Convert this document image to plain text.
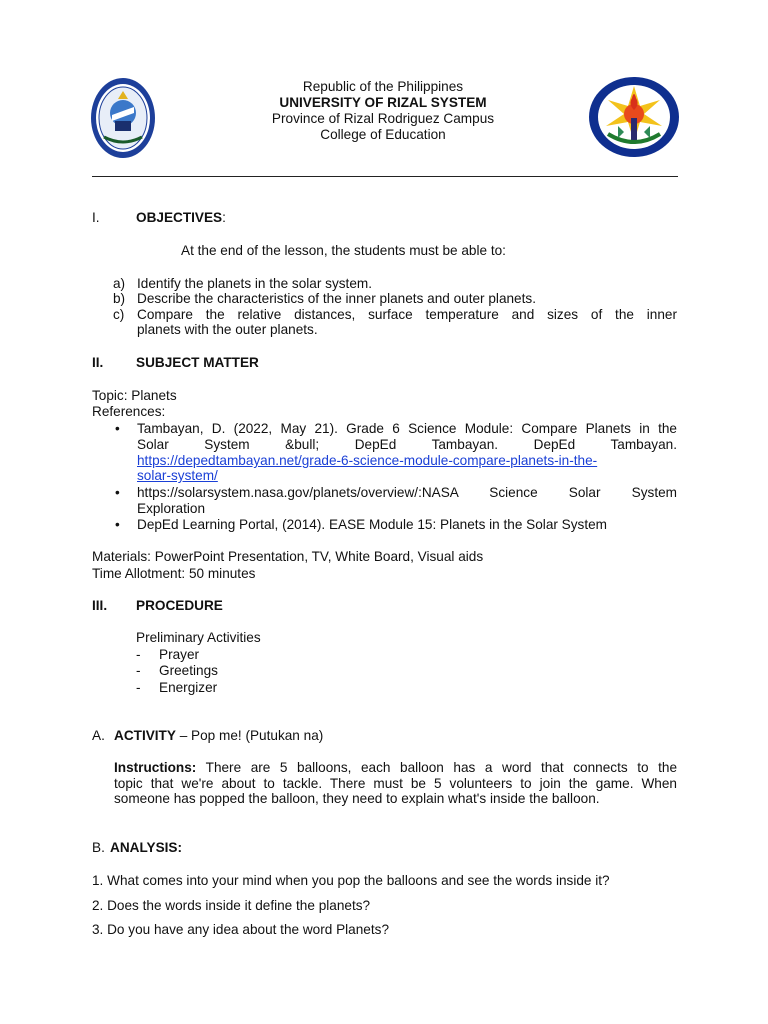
Republic of the Philippines
UNIVERSITY OF RIZAL SYSTEM
Province of Rizal Rodriguez Campus
College of Education
I.	OBJECTIVES:
At the end of the lesson, the students must be able to:
a) Identify the planets in the solar system.
b) Describe the characteristics of the inner planets and outer planets.
c) Compare the relative distances, surface temperature and sizes of the inner
planets with the outer planets.
II. SUBJECT MATTER
Topic: Planets
References:
• Tambayan, D. (2022, May 21). Grade 6 Science Module: Compare Planets in the
Solar System &bull; DepEd Tambayan. DepEd Tambayan.
https://depedtambayan.net/grade-6-science-module-compare-planets-in-the-
solar-system/
• https://solarsystem.nasa.gov/planets/overview/:NASA Science Solar System
Exploration
• DepEd Learning Portal, (2014). EASE Module 15: Planets in the Solar System
Materials: PowerPoint Presentation, TV, White Board, Visual aids
Time Allotment: 50 minutes
III. PROCEDURE
Preliminary Activities
- Prayer
- Greetings
- Energizer
A. ACTIVITY – Pop me! (Putukan na)
Instructions: There are 5 balloons, each balloon has a word that connects to the
topic that we're about to tackle. There must be 5 volunteers to join the game. When
someone has popped the balloon, they need to explain what's inside the balloon.
B. ANALYSIS:
1. What comes into your mind when you pop the balloons and see the words inside it?
2. Does the words inside it define the planets?
3. Do you have any idea about the word Planets?
